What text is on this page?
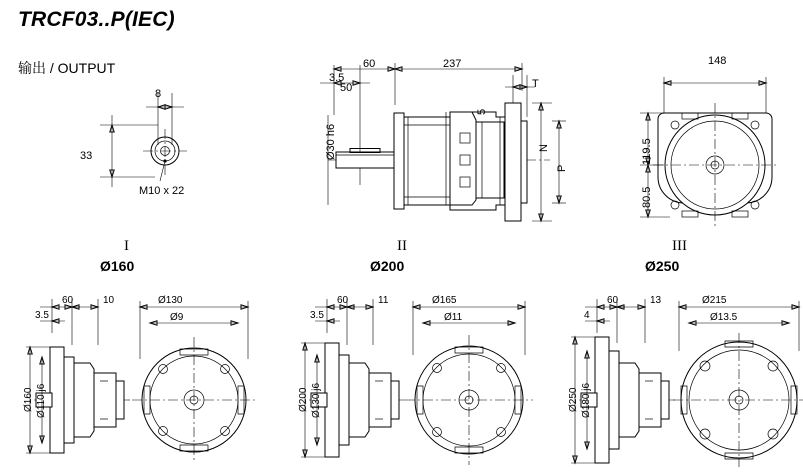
TRCF03..P(IEC)
输出 / OUTPUT
8
33
M10 x 22
3.5
50
60	237
Ø30 h6
5
T
N
P
148
119.5
80.5
I
Ø160
II
Ø200
III
Ø250
60	10
3.5
Ø130
Ø9
Ø160 Ø110 j6
60	11
3.5
Ø165
Ø11
Ø200 Ø130 j6
60	13
4
Ø215
Ø13.5
Ø250 Ø180 j6
